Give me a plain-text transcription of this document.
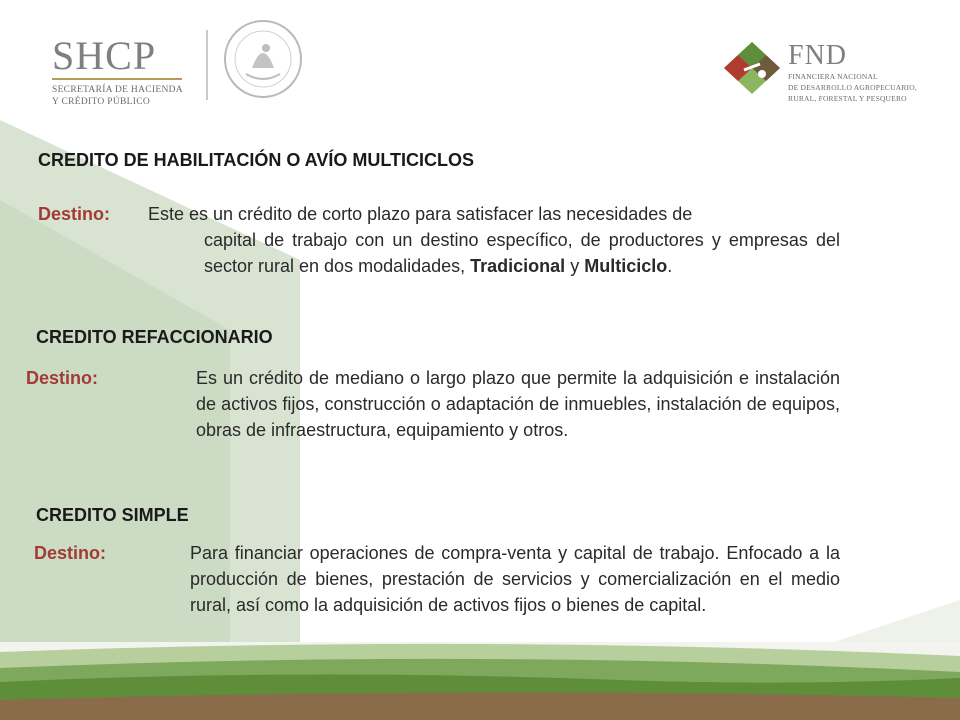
SHCP
SECRETARÍA DE HACIENDA
Y CRÉDITO PÚBLICO
FND
FINANCIERA NACIONAL
DE DESARROLLO AGROPECUARIO,
RURAL, FORESTAL Y PESQUERO
CREDITO DE HABILITACIÓN O AVÍO MULTICICLOS
Destino: Este es un crédito de corto plazo para satisfacer las necesidades de
capital de trabajo con un destino específico, de productores y empresas del sector rural en dos modalidades, Tradicional y Multiciclo.
CREDITO REFACCIONARIO
Destino:	Es un crédito de mediano o largo plazo que permite la adquisición e instalación de activos fijos, construcción o adaptación de inmuebles, instalación de equipos, obras de infraestructura, equipamiento y otros.
CREDITO SIMPLE
Destino:	Para financiar operaciones de compra-venta y capital de trabajo. Enfocado a la producción de bienes, prestación de servicios y comercialización en el medio rural, así como la adquisición de activos fijos o bienes de capital.
